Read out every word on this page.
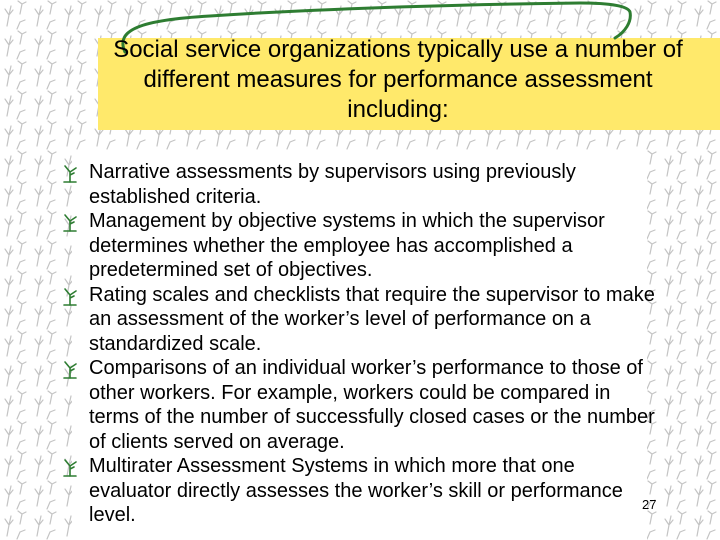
Social service organizations typically use a number of different measures for performance assessment including:
Narrative assessments by supervisors using previously established criteria.
Management by objective systems in which the supervisor determines whether the employee has accomplished a predetermined set of objectives.
Rating scales and checklists that require the supervisor to make an assessment of the worker’s level of performance on a standardized scale.
Comparisons of an individual worker’s performance to those of other workers. For example, workers could be compared in terms of the number of successfully closed cases or the number of clients served on average.
Multirater Assessment Systems in which more that one evaluator directly assesses the worker’s skill or performance level.	27
